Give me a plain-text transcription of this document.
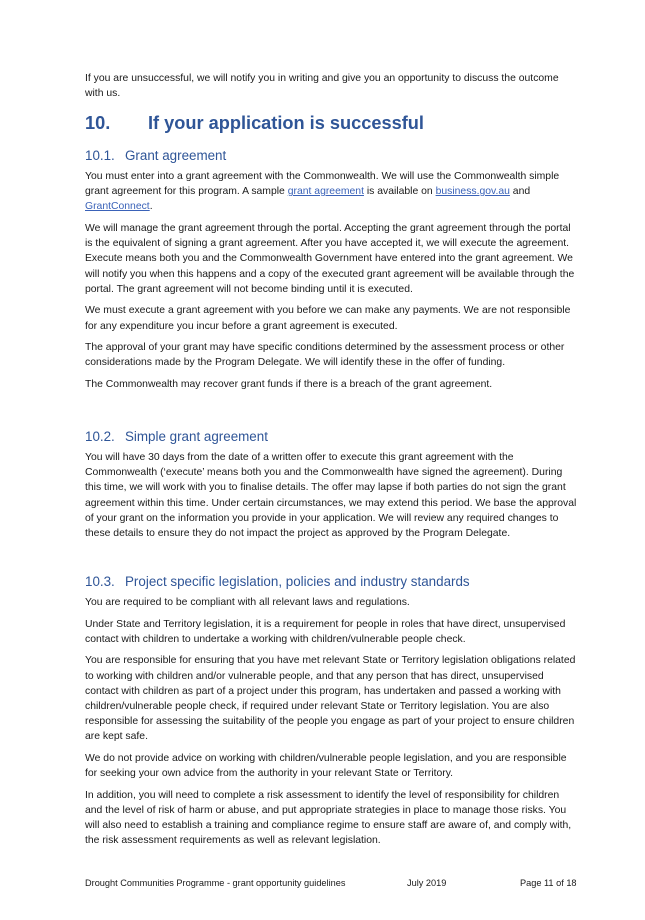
If you are unsuccessful, we will notify you in writing and give you an opportunity to discuss the outcome with us.

10. If your application is successful
10.1. Grant agreement

You must enter into a grant agreement with the Commonwealth. We will use the Commonwealth simple grant agreement for this program. A sample grant agreement is available on business.gov.au and GrantConnect.

We will manage the grant agreement through the portal. Accepting the grant agreement through the portal is the equivalent of signing a grant agreement. After you have accepted it, we will execute the agreement. Execute means both you and the Commonwealth Government have entered into the grant agreement. We will notify you when this happens and a copy of the executed grant agreement will be available through the portal. The grant agreement will not become binding until it is executed.

We must execute a grant agreement with you before we can make any payments. We are not responsible for any expenditure you incur before a grant agreement is executed.

The approval of your grant may have specific conditions determined by the assessment process or other considerations made by the Program Delegate. We will identify these in the offer of funding.

The Commonwealth may recover grant funds if there is a breach of the grant agreement.

10.2. Simple grant agreement

You will have 30 days from the date of a written offer to execute this grant agreement with the Commonwealth (‘execute’ means both you and the Commonwealth have signed the agreement). During this time, we will work with you to finalise details. The offer may lapse if both parties do not sign the grant agreement within this time. Under certain circumstances, we may extend this period. We base the approval of your grant on the information you provide in your application. We will review any required changes to these details to ensure they do not impact the project as approved by the Program Delegate.

10.3. Project specific legislation, policies and industry standards

You are required to be compliant with all relevant laws and regulations.

Under State and Territory legislation, it is a requirement for people in roles that have direct, unsupervised contact with children to undertake a working with children/vulnerable people check.

You are responsible for ensuring that you have met relevant State or Territory legislation obligations related to working with children and/or vulnerable people, and that any person that has direct, unsupervised contact with children as part of a project under this program, has undertaken and passed a working with children/vulnerable people check, if required under relevant State or Territory legislation. You are also responsible for assessing the suitability of the people you engage as part of your project to ensure children are kept safe.

We do not provide advice on working with children/vulnerable people legislation, and you are responsible for seeking your own advice from the authority in your relevant State or Territory.

In addition, you will need to complete a risk assessment to identify the level of responsibility for children and the level of risk of harm or abuse, and put appropriate strategies in place to manage those risks. You will also need to establish a training and compliance regime to ensure staff are aware of, and comply with, the risk assessment requirements as well as relevant legislation.

Drought Communities Programme - grant opportunity guidelines	July 2019	Page 11 of 18
